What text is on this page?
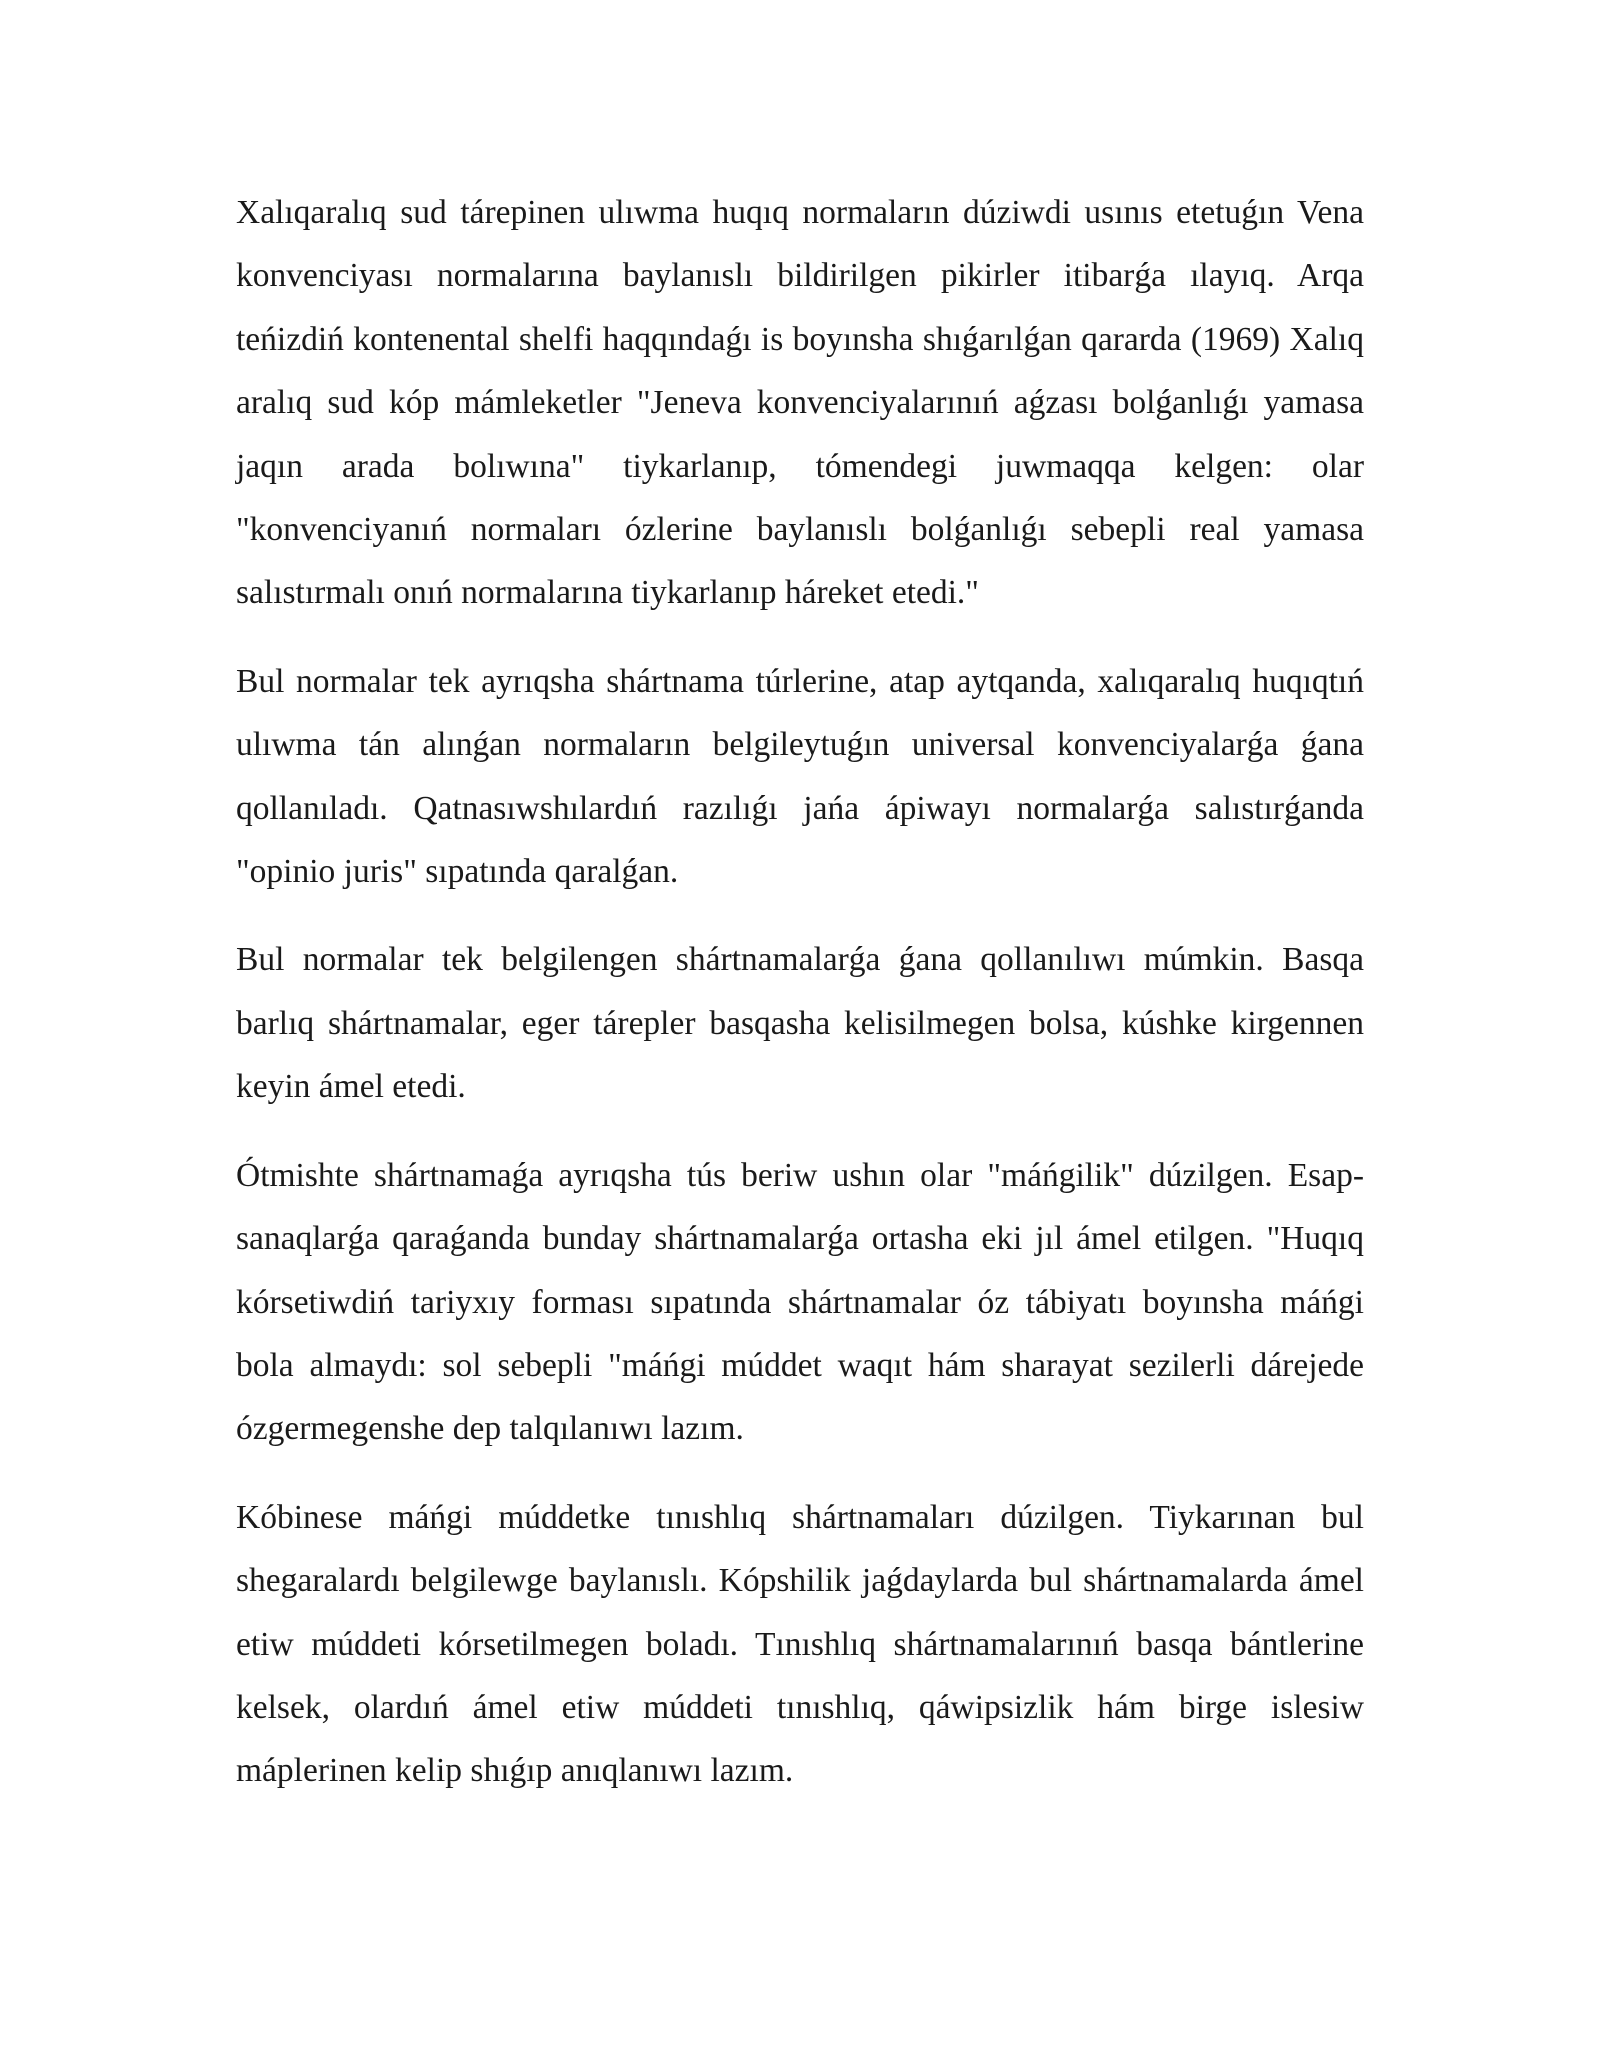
Xalıqaralıq sud tárepinen ulıwma huqıq normaların dúziwdi usınıs etetuǵın Vena konvenciyası normalarına baylanıslı bildirilgen pikirler itibarǵa ılayıq. Arqa teńizdiń kontenental shelfi haqqındaǵı is boyınsha shıǵarılǵan qararda (1969) Xalıq aralıq sud kóp mámleketler "Jeneva konvenciyalarınıń aǵzası bolǵanlıǵı yamasa jaqın arada bolıwına" tiykarlanıp, tómendegi juwmaqqa kelgen: olar "konvenciyanıń normaları ózlerine baylanıslı bolǵanlıǵı sebepli real yamasa salıstırmalı onıń normalarına tiykarlanıp háreket etedi."

Bul normalar tek ayrıqsha shártnama túrlerine, atap aytqanda, xalıqaralıq huqıqtıń ulıwma tán alınǵan normaların belgileytuǵın universal konvenciyalarǵa ǵana qollanıladı. Qatnasıwshılardıń razılıǵı jańa ápiwayı normalarǵa salıstırǵanda "opinio juris" sıpatında qaralǵan.

Bul normalar tek belgilengen shártnamalarǵa ǵana qollanılıwı múmkin. Basqa barlıq shártnamalar, eger tárepler basqasha kelisilmegen bolsa, kúshke kirgennen keyin ámel etedi.

Ótmishte shártnamaǵa ayrıqsha tús beriw ushın olar "máńgilik" dúzilgen. Esap-sanaqlarǵa qaraǵanda bunday shártnamalarǵa ortasha eki jıl ámel etilgen. "Huqıq kórsetiwdiń tariyxıy forması sıpatında shártnamalar óz tábiyatı boyınsha máńgi bola almaydı: sol sebepli "máńgi múddet waqıt hám sharayat sezilerli dárejede ózgermegenshe dep talqılanıwı lazım.

Kóbinese máńgi múddetke tınıshlıq shártnamaları dúzilgen. Tiykarınan bul shegaralardı belgilewge baylanıslı. Kópshilik jaǵdaylarda bul shártnamalarda ámel etiw múddeti kórsetilmegen boladı. Tınıshlıq shártnamalarınıń basqa bántlerine kelsek, olardıń ámel etiw múddeti tınıshlıq, qáwipsizlik hám birge islesiw máplerinen kelip shıǵıp anıqlanıwı lazım.
